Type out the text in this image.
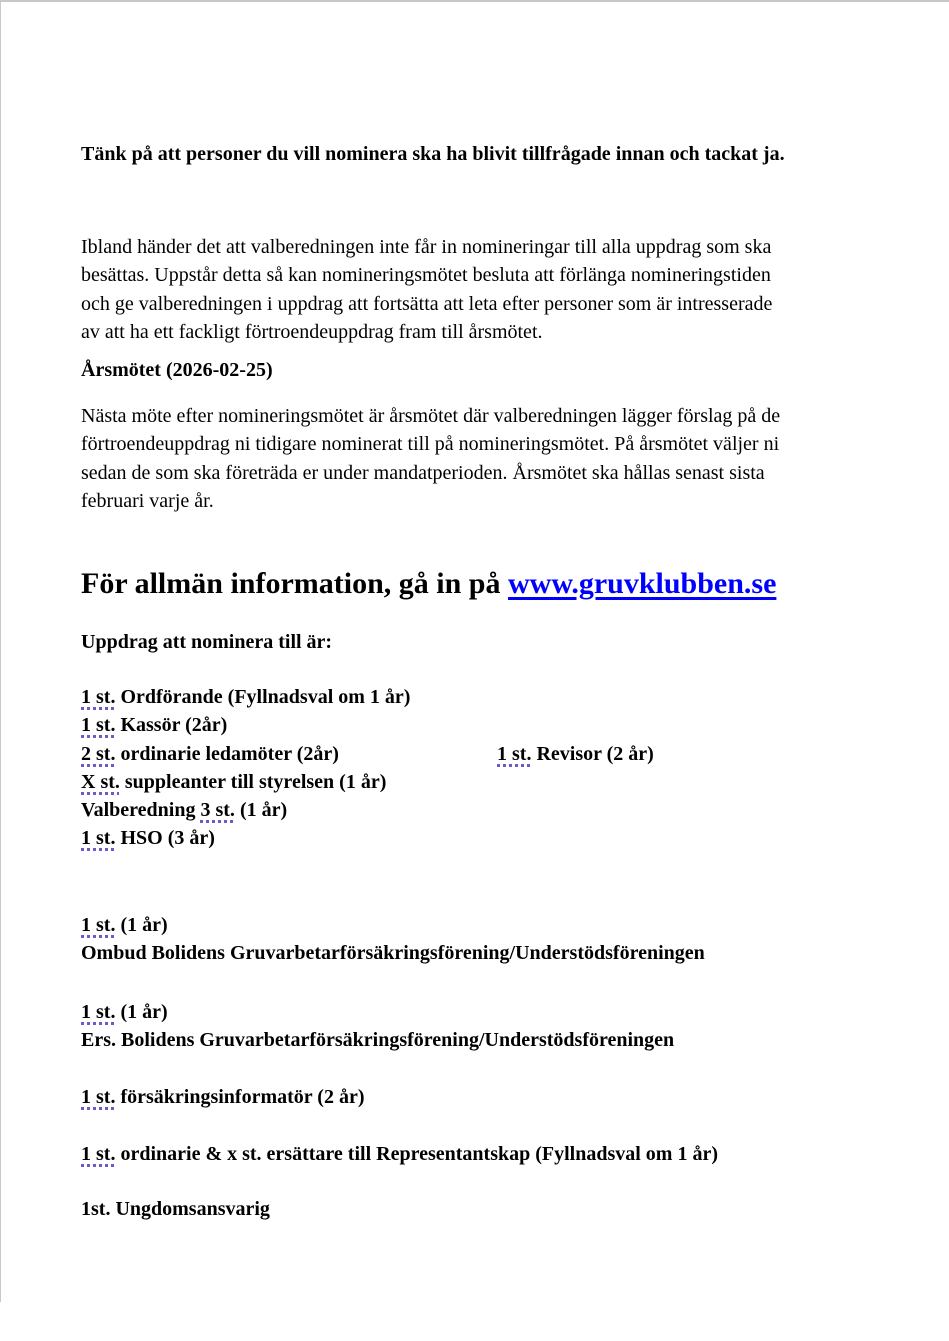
Tänk på att personer du vill nominera ska ha blivit tillfrågade innan och tackat ja.
Ibland händer det att valberedningen inte får in nomineringar till alla uppdrag som ska
besättas. Uppstår detta så kan nomineringsmötet besluta att förlänga nomineringstiden
och ge valberedningen i uppdrag att fortsätta att leta efter personer som är intresserade
av att ha ett fackligt förtroendeuppdrag fram till årsmötet.
Årsmötet (2026-02-25)
Nästa möte efter nomineringsmötet är årsmötet där valberedningen lägger förslag på de
förtroendeuppdrag ni tidigare nominerat till på nomineringsmötet. På årsmötet väljer ni
sedan de som ska företräda er under mandatperioden. Årsmötet ska hållas senast sista
februari varje år.
För allmän information, gå in på www.gruvklubben.se
Uppdrag att nominera till är:
1 st. Ordförande (Fyllnadsval om 1 år)
1 st. Kassör (2år)
2 st. ordinarie ledamöter (2år)	1 st. Revisor (2 år)
X st. suppleanter till styrelsen (1 år)
Valberedning 3 st. (1 år)
1 st. HSO (3 år)
1 st. (1 år)
Ombud Bolidens Gruvarbetarförsäkringsförening/Understödsföreningen
1 st. (1 år)
Ers. Bolidens Gruvarbetarförsäkringsförening/Understödsföreningen
1 st. försäkringsinformatör (2 år)
1 st. ordinarie & x st. ersättare till Representantskap (Fyllnadsval om 1 år)
1st. Ungdomsansvarig
